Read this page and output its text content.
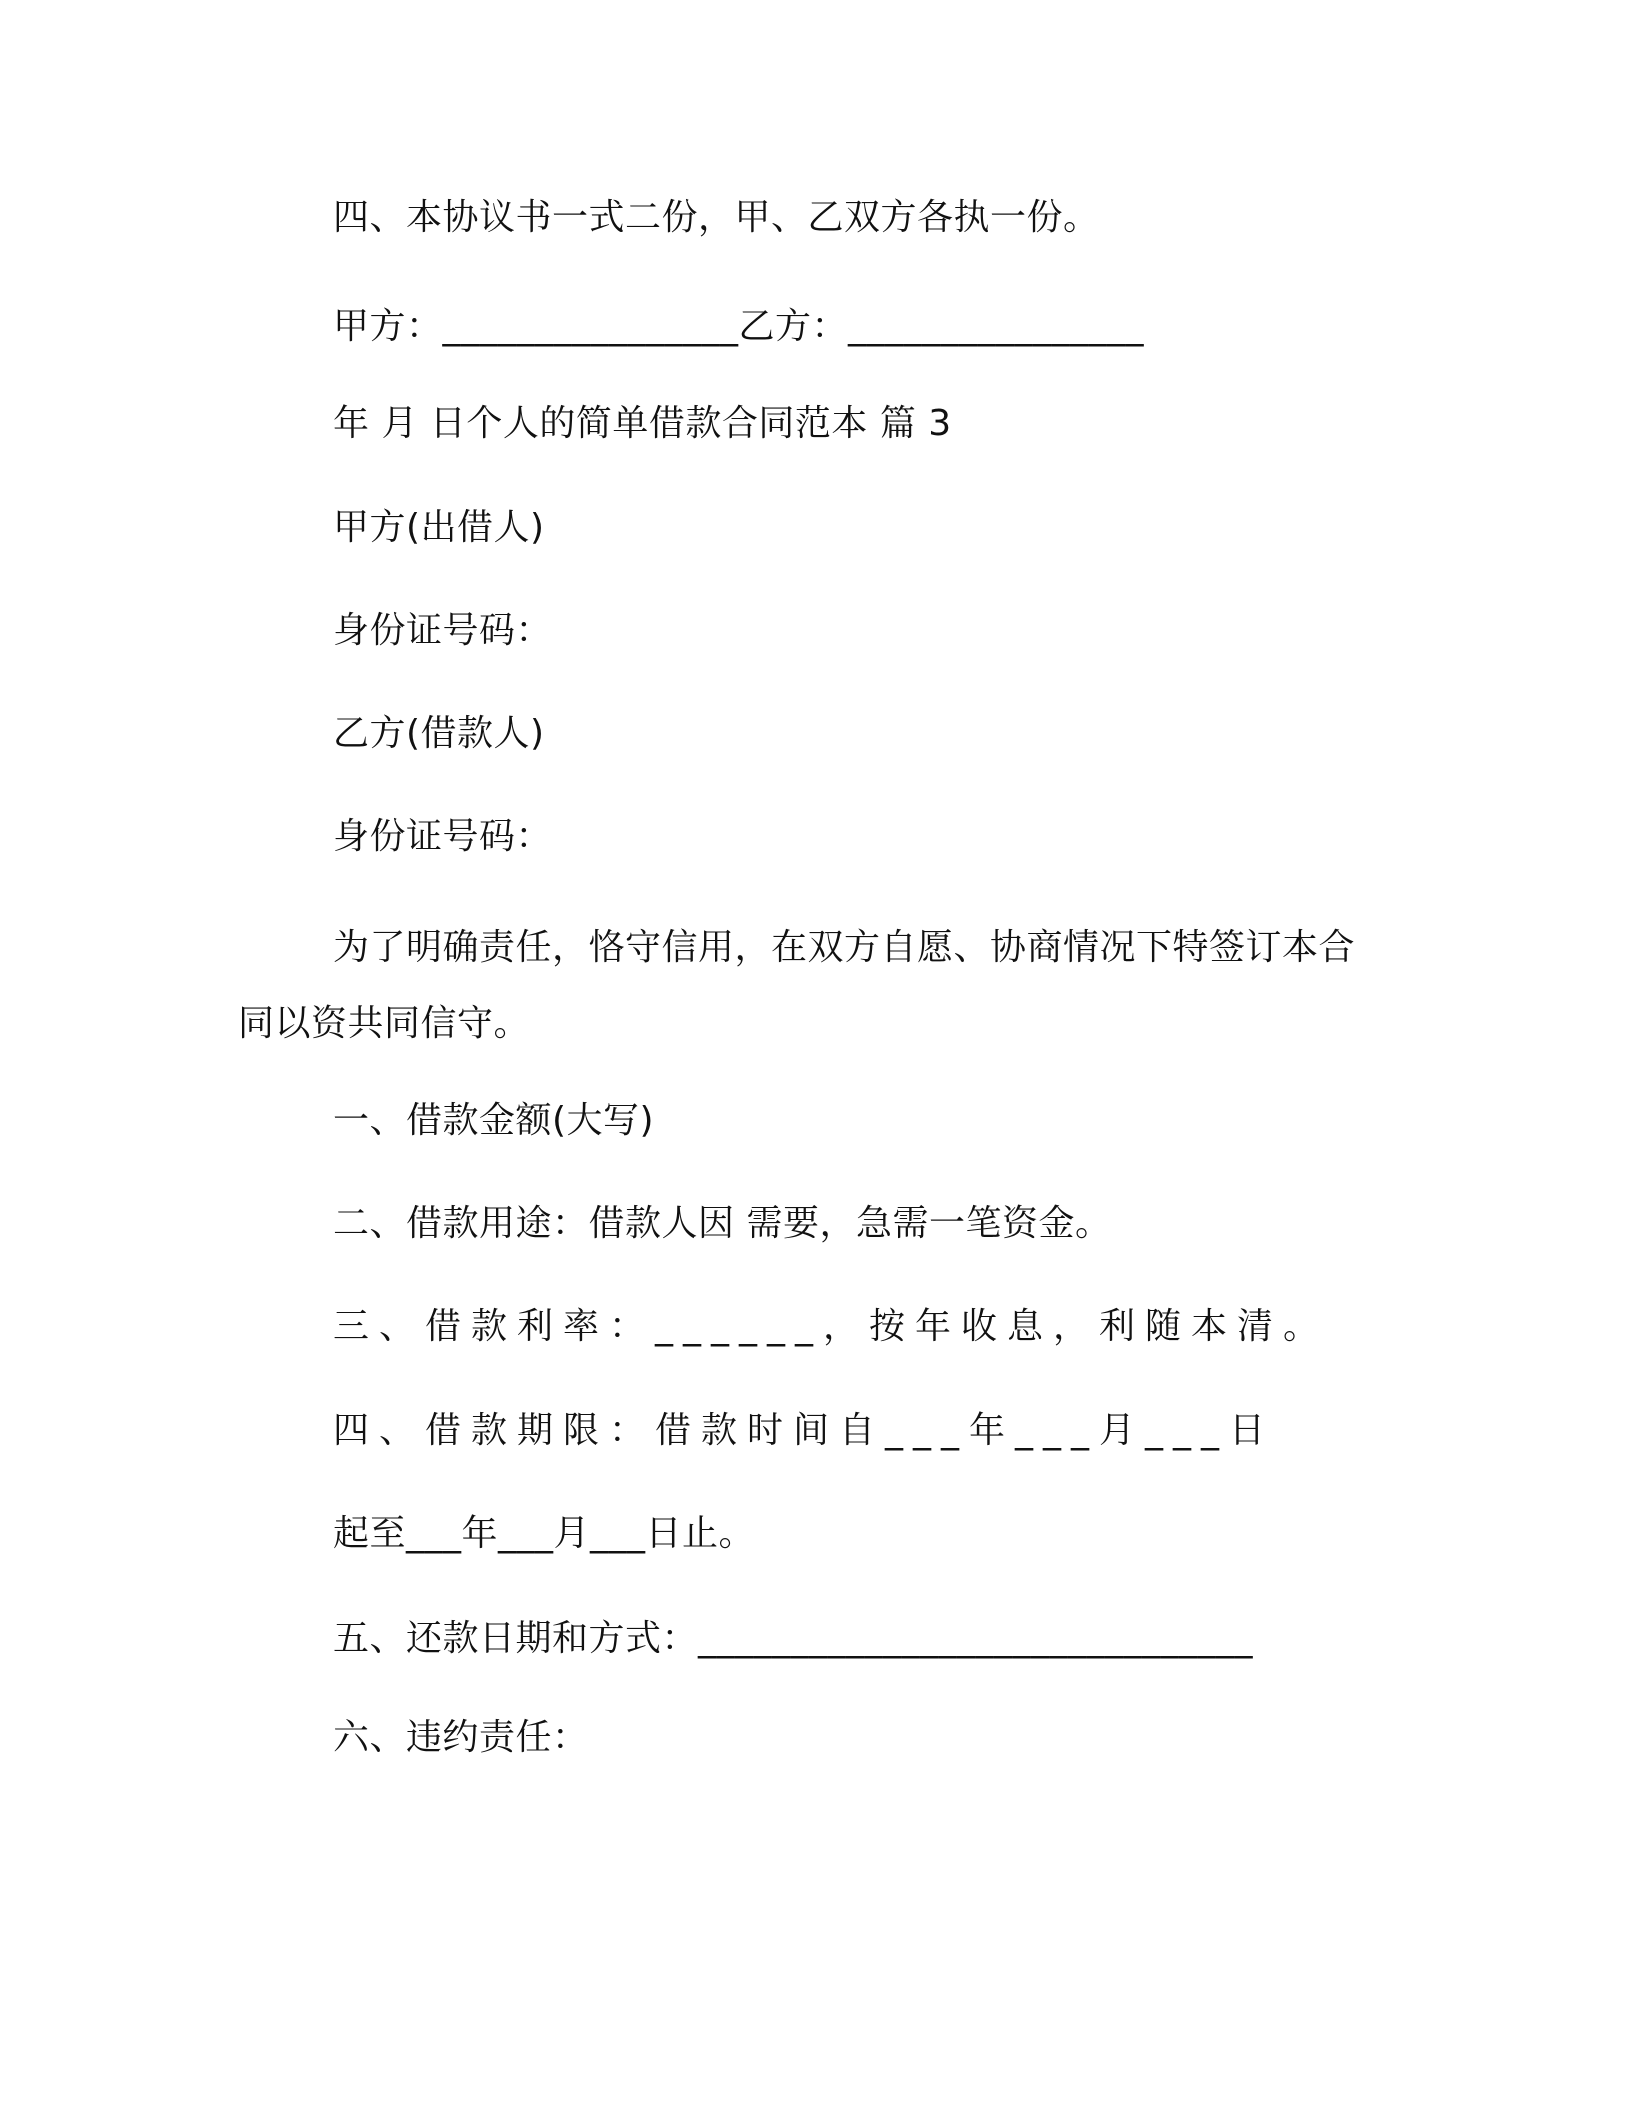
四、本协议书一式二份，甲、乙双方各执一份。
甲方：________________乙方：________________
年 月 日个人的简单借款合同范本 篇 3
甲方(出借人)
身份证号码：
乙方(借款人)
身份证号码：
为了明确责任，恪守信用，在双方自愿、协商情况下特签订本合同以资共同信守。
一、借款金额(大写)
二、借款用途：借款人因 需要，急需一笔资金。
三、借款利率：______，按年收息，利随本清。
四、借款期限：借款时间自___年___月___日
起至___年___月___日止。
五、还款日期和方式：______________________________
六、违约责任：
